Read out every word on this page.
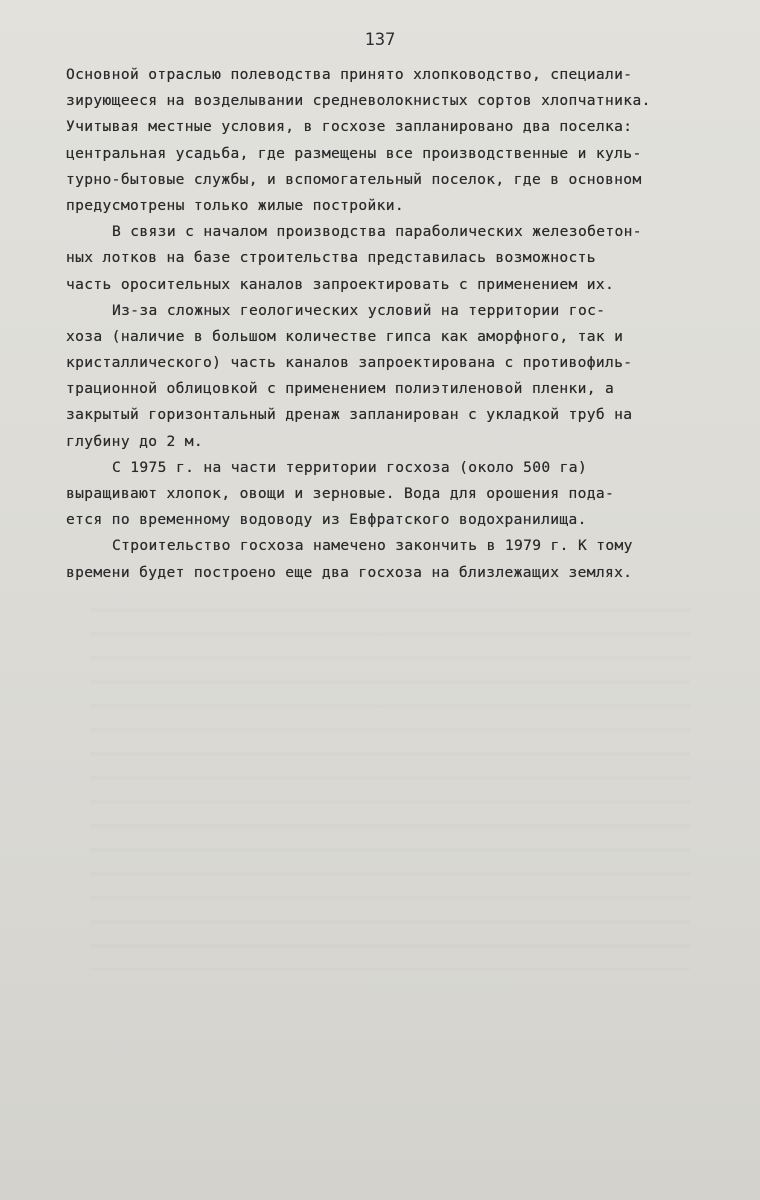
137
Основной отраслью полеводства принято хлопководство, специали-
зирующееся на возделывании средневолокнистых сортов хлопчатника.
Учитывая местные условия, в госхозе запланировано два поселка:
центральная усадьба, где размещены все производственные и куль-
турно-бытовые службы, и вспомогательный поселок, где в основном
предусмотрены только жилые постройки.
В связи с началом производства параболических железобетон-
ных лотков на базе строительства представилась возможность
часть оросительных каналов запроектировать с применением их.
Из-за сложных геологических условий на территории гос-
хоза (наличие в большом количестве гипса как аморфного, так и
кристаллического) часть каналов запроектирована с противофиль-
трационной облицовкой с применением полиэтиленовой пленки, а
закрытый горизонтальный дренаж запланирован с укладкой труб на
глубину до 2 м.
С 1975 г. на части территории госхоза (около 500 га)
выращивают хлопок, овощи и зерновые. Вода для орошения пода-
ется по временному водоводу из Евфратского водохранилища.
Строительство госхоза намечено закончить в 1979 г. К тому
времени будет построено еще два госхоза на близлежащих землях.
